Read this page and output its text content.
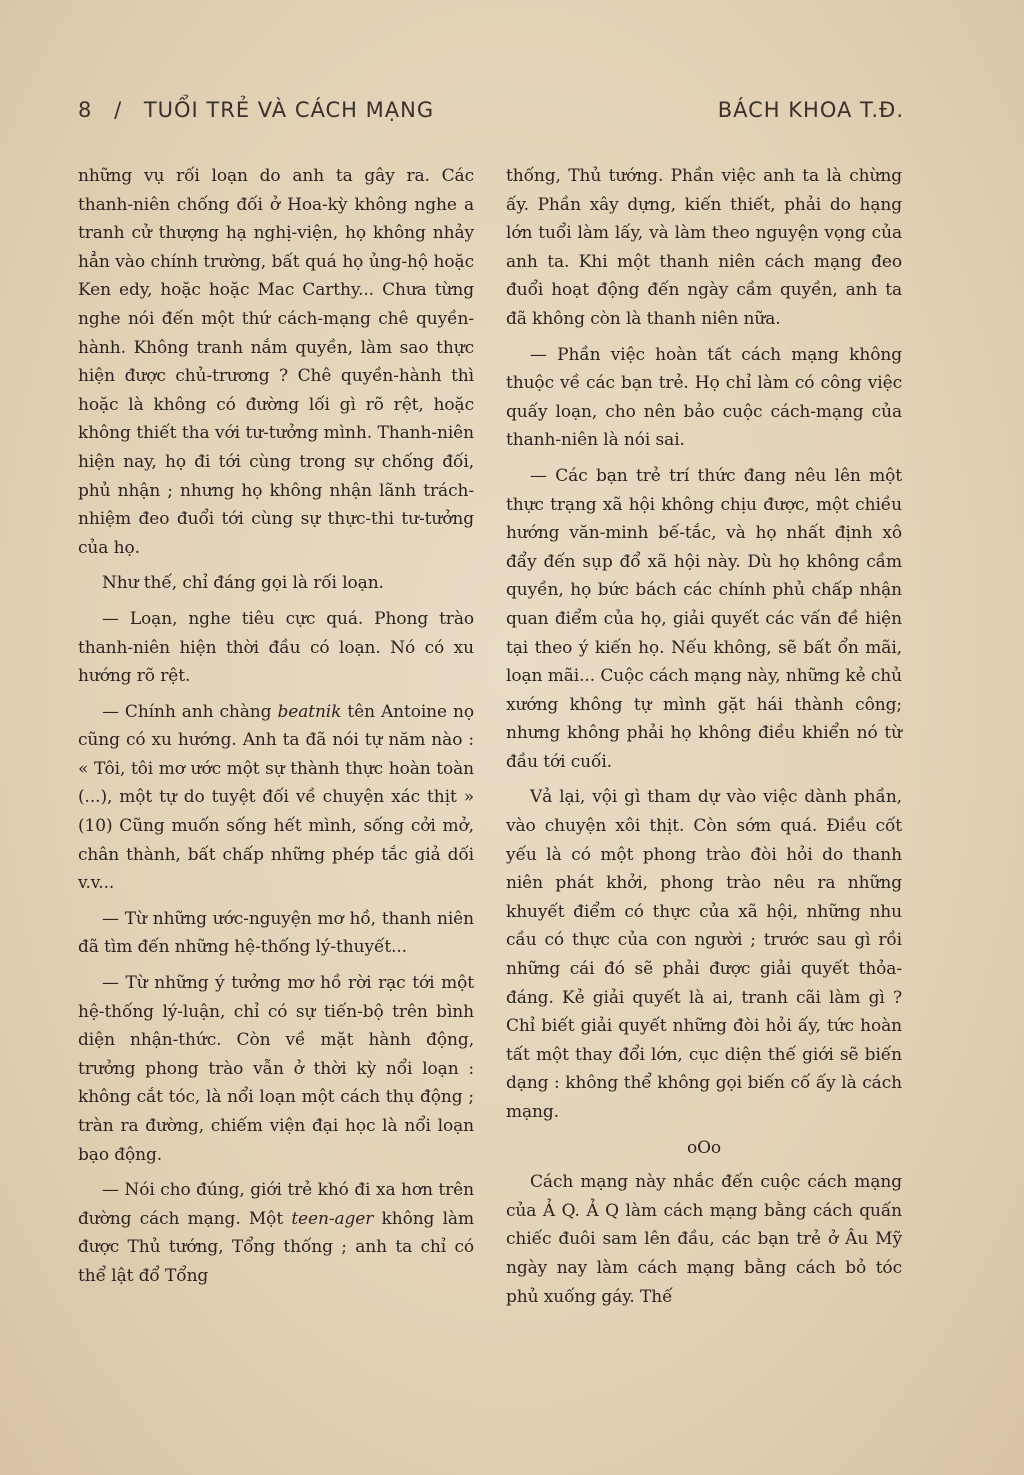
8 / TUỔI TRẺ VÀ CÁCH MẠNG	BÁCH KHOA T.Đ.

những vụ rối loạn do anh ta gây ra. Các thanh-niên chống đối ở Hoa-kỳ không nghe a tranh cử thượng hạ nghị-viện, họ không nhảy hẳn vào chính trường, bất quá họ ủng-hộ hoặc Ken edy, hoặc hoặc Mac Carthy... Chưa từng nghe nói đến một thứ cách-mạng chê quyền-hành. Không tranh nắm quyền, làm sao thực hiện được chủ-trương ? Chê quyền-hành thì hoặc là không có đường lối gì rõ rệt, hoặc không thiết tha với tư-tưởng mình. Thanh-niên hiện nay, họ đi tới cùng trong sự chống đối, phủ nhận ; nhưng họ không nhận lãnh trách-nhiệm đeo đuổi tới cùng sự thực-thi tư-tưởng của họ.

Như thế, chỉ đáng gọi là rối loạn.

— Loạn, nghe tiêu cực quá. Phong trào thanh-niên hiện thời đầu có loạn. Nó có xu hướng rõ rệt.

— Chính anh chàng beatnik tên Antoine nọ cũng có xu hướng. Anh ta đã nói tự năm nào : « Tôi, tôi mơ ước một sự thành thực hoàn toàn (...), một tự do tuyệt đối về chuyện xác thịt » (10) Cũng muốn sống hết mình, sống cởi mở, chân thành, bất chấp những phép tắc giả dối v.v...

— Từ những ước-nguyện mơ hồ, thanh niên đã tìm đến những hệ-thống lý-thuyết...

— Từ những ý tưởng mơ hồ rời rạc tới một hệ-thống lý-luận, chỉ có sự tiến-bộ trên bình diện nhận-thức. Còn về mặt hành động, trưởng phong trào vẫn ở thời kỳ nổi loạn : không cắt tóc, là nổi loạn một cách thụ động ; tràn ra đường, chiếm viện đại học là nổi loạn bạo động.

— Nói cho đúng, giới trẻ khó đi xa hơn trên đường cách mạng. Một teen-ager không làm được Thủ tướng, Tổng thống ; anh ta chỉ có thể lật đổ Tổng

thống, Thủ tướng. Phần việc anh ta là chừng ấy. Phần xây dựng, kiến thiết, phải do hạng lớn tuổi làm lấy, và làm theo nguyện vọng của anh ta. Khi một thanh niên cách mạng đeo đuổi hoạt động đến ngày cầm quyền, anh ta đã không còn là thanh niên nữa.

— Phần việc hoàn tất cách mạng không thuộc về các bạn trẻ. Họ chỉ làm có công việc quấy loạn, cho nên bảo cuộc cách-mạng của thanh-niên là nói sai.

— Các bạn trẻ trí thức đang nêu lên một thực trạng xã hội không chịu được, một chiều hướng văn-minh bế-tắc, và họ nhất định xô đẩy đến sụp đổ xã hội này. Dù họ không cầm quyền, họ bức bách các chính phủ chấp nhận quan điểm của họ, giải quyết các vấn đề hiện tại theo ý kiến họ. Nếu không, sẽ bất ổn mãi, loạn mãi... Cuộc cách mạng này, những kẻ chủ xướng không tự mình gặt hái thành công; nhưng không phải họ không điều khiển nó từ đầu tới cuối.

Vả lại, vội gì tham dự vào việc dành phần, vào chuyện xôi thịt. Còn sớm quá. Điều cốt yếu là có một phong trào đòi hỏi do thanh niên phát khởi, phong trào nêu ra những khuyết điểm có thực của xã hội, những nhu cầu có thực của con người ; trước sau gì rồi những cái đó sẽ phải được giải quyết thỏa-đáng. Kẻ giải quyết là ai, tranh cãi làm gì ? Chỉ biết giải quyết những đòi hỏi ấy, tức hoàn tất một thay đổi lớn, cục diện thế giới sẽ biến dạng : không thể không gọi biến cố ấy là cách mạng.

oOo

Cách mạng này nhắc đến cuộc cách mạng của Ả Q. Ả Q làm cách mạng bằng cách quấn chiếc đuôi sam lên đầu, các bạn trẻ ở Âu Mỹ ngày nay làm cách mạng bằng cách bỏ tóc phủ xuống gáy. Thế
